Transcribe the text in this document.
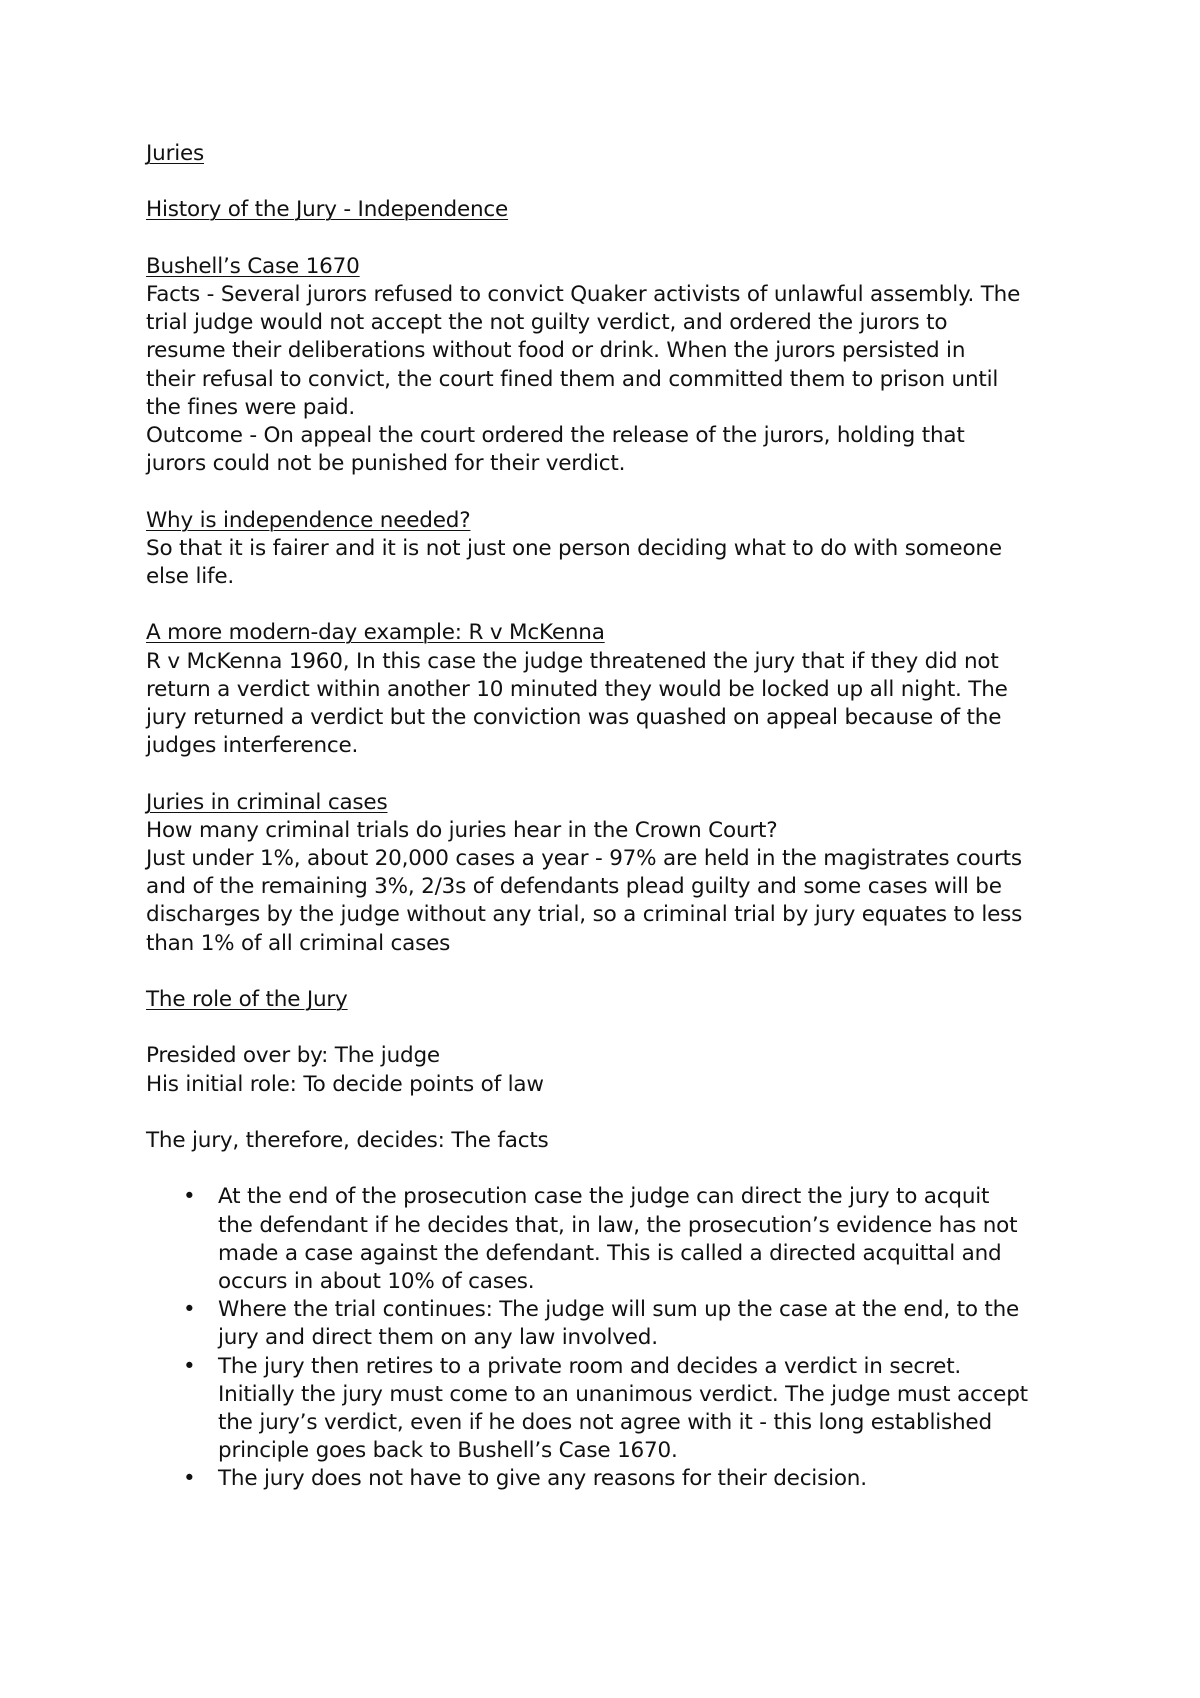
Juries

History of the Jury - Independence

Bushell’s Case 1670

Facts - Several jurors refused to convict Quaker activists of unlawful assembly. The

trial judge would not accept the not guilty verdict, and ordered the jurors to

resume their deliberations without food or drink. When the jurors persisted in

their refusal to convict, the court fined them and committed them to prison until

the fines were paid.

Outcome - On appeal the court ordered the release of the jurors, holding that

jurors could not be punished for their verdict.

Why is independence needed?

So that it is fairer and it is not just one person deciding what to do with someone

else life.

A more modern-day example: R v McKenna

R v McKenna 1960, In this case the judge threatened the jury that if they did not

return a verdict within another 10 minuted they would be locked up all night. The

jury returned a verdict but the conviction was quashed on appeal because of the

judges interference.

Juries in criminal cases

How many criminal trials do juries hear in the Crown Court?

Just under 1%, about 20,000 cases a year - 97% are held in the magistrates courts

and of the remaining 3%, 2/3s of defendants plead guilty and some cases will be

discharges by the judge without any trial, so a criminal trial by jury equates to less

than 1% of all criminal cases

The role of the Jury

Presided over by: The judge

His initial role: To decide points of law

The jury, therefore, decides: The facts

• At the end of the prosecution case the judge can direct the jury to acquit

the defendant if he decides that, in law, the prosecution’s evidence has not

made a case against the defendant. This is called a directed acquittal and

occurs in about 10% of cases.

• Where the trial continues: The judge will sum up the case at the end, to the

jury and direct them on any law involved.

• The jury then retires to a private room and decides a verdict in secret.

Initially the jury must come to an unanimous verdict. The judge must accept

the jury’s verdict, even if he does not agree with it - this long established

principle goes back to Bushell’s Case 1670.

• The jury does not have to give any reasons for their decision.
